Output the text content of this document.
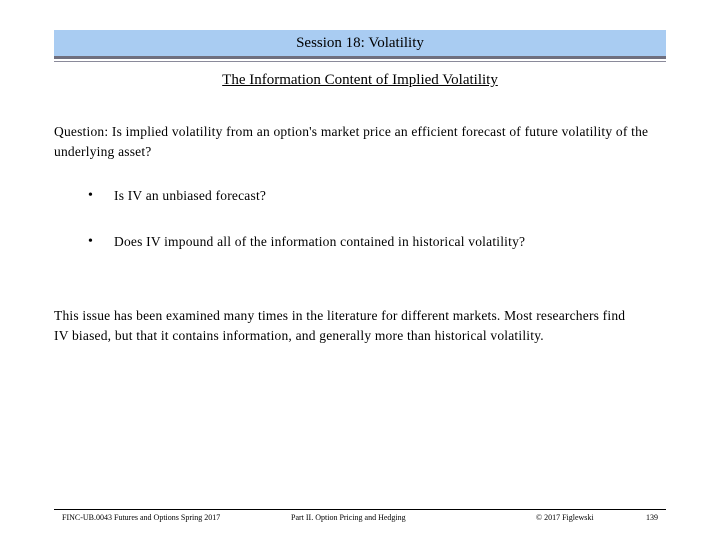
Session 18: Volatility
The Information Content of Implied Volatility
Question: Is implied volatility from an option's market price an efficient forecast of future volatility of the underlying asset?
•	Is IV an unbiased forecast?
•	Does IV impound all of the information contained in historical volatility?
This issue has been examined many times in the literature for different markets. Most researchers find IV biased, but that it contains information, and generally more than historical volatility.
FINC-UB.0043 Futures and Options Spring 2017	Part II. Option Pricing and Hedging	© 2017 Figlewski	139
